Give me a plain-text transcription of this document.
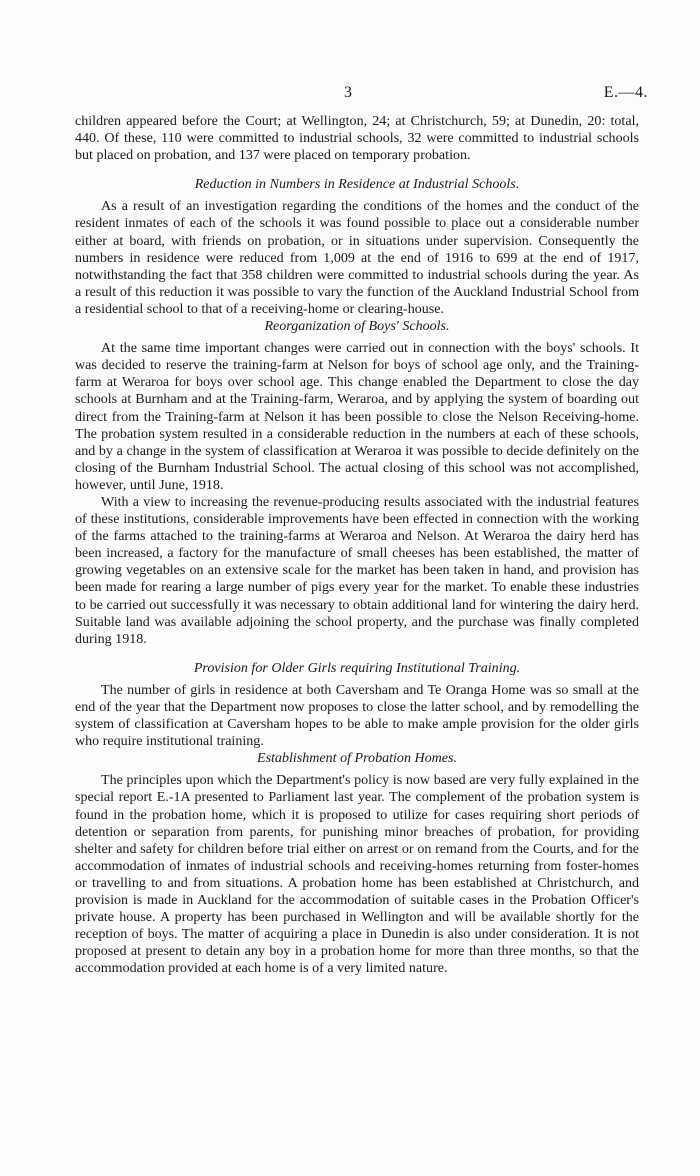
3	E.—4.

children appeared before the Court; at Wellington, 24; at Christchurch, 59; at Dunedin, 20: total, 440. Of these, 110 were committed to industrial schools, 32 were committed to industrial schools but placed on probation, and 137 were placed on temporary probation.

Reduction in Numbers in Residence at Industrial Schools.

As a result of an investigation regarding the conditions of the homes and the conduct of the resident inmates of each of the schools it was found possible to place out a considerable number either at board, with friends on probation, or in situations under supervision. Consequently the numbers in residence were reduced from 1,009 at the end of 1916 to 699 at the end of 1917, notwithstanding the fact that 358 children were committed to industrial schools during the year. As a result of this reduction it was possible to vary the function of the Auckland Industrial School from a residential school to that of a receiving-home or clearing-house.

Reorganization of Boys' Schools.

At the same time important changes were carried out in connection with the boys' schools. It was decided to reserve the training-farm at Nelson for boys of school age only, and the Training-farm at Weraroa for boys over school age. This change enabled the Department to close the day schools at Burnham and at the Training-farm, Weraroa, and by applying the system of boarding out direct from the Training-farm at Nelson it has been possible to close the Nelson Receiving-home. The probation system resulted in a considerable reduction in the numbers at each of these schools, and by a change in the system of classification at Weraroa it was possible to decide definitely on the closing of the Burnham Industrial School. The actual closing of this school was not accomplished, however, until June, 1918.

With a view to increasing the revenue-producing results associated with the industrial features of these institutions, considerable improvements have been effected in connection with the working of the farms attached to the training-farms at Weraroa and Nelson. At Weraroa the dairy herd has been increased, a factory for the manufacture of small cheeses has been established, the matter of growing vegetables on an extensive scale for the market has been taken in hand, and provision has been made for rearing a large number of pigs every year for the market. To enable these industries to be carried out successfully it was necessary to obtain additional land for wintering the dairy herd. Suitable land was available adjoining the school property, and the purchase was finally completed during 1918.

Provision for Older Girls requiring Institutional Training.

The number of girls in residence at both Caversham and Te Oranga Home was so small at the end of the year that the Department now proposes to close the latter school, and by remodelling the system of classification at Caversham hopes to be able to make ample provision for the older girls who require institutional training.

Establishment of Probation Homes.

The principles upon which the Department's policy is now based are very fully explained in the special report E.-1A presented to Parliament last year. The complement of the probation system is found in the probation home, which it is proposed to utilize for cases requiring short periods of detention or separation from parents, for punishing minor breaches of probation, for providing shelter and safety for children before trial either on arrest or on remand from the Courts, and for the accommodation of inmates of industrial schools and receiving-homes returning from foster-homes or travelling to and from situations. A probation home has been established at Christchurch, and provision is made in Auckland for the accommodation of suitable cases in the Probation Officer's private house. A property has been purchased in Wellington and will be available shortly for the reception of boys. The matter of acquiring a place in Dunedin is also under consideration. It is not proposed at present to detain any boy in a probation home for more than three months, so that the accommodation provided at each home is of a very limited nature.
